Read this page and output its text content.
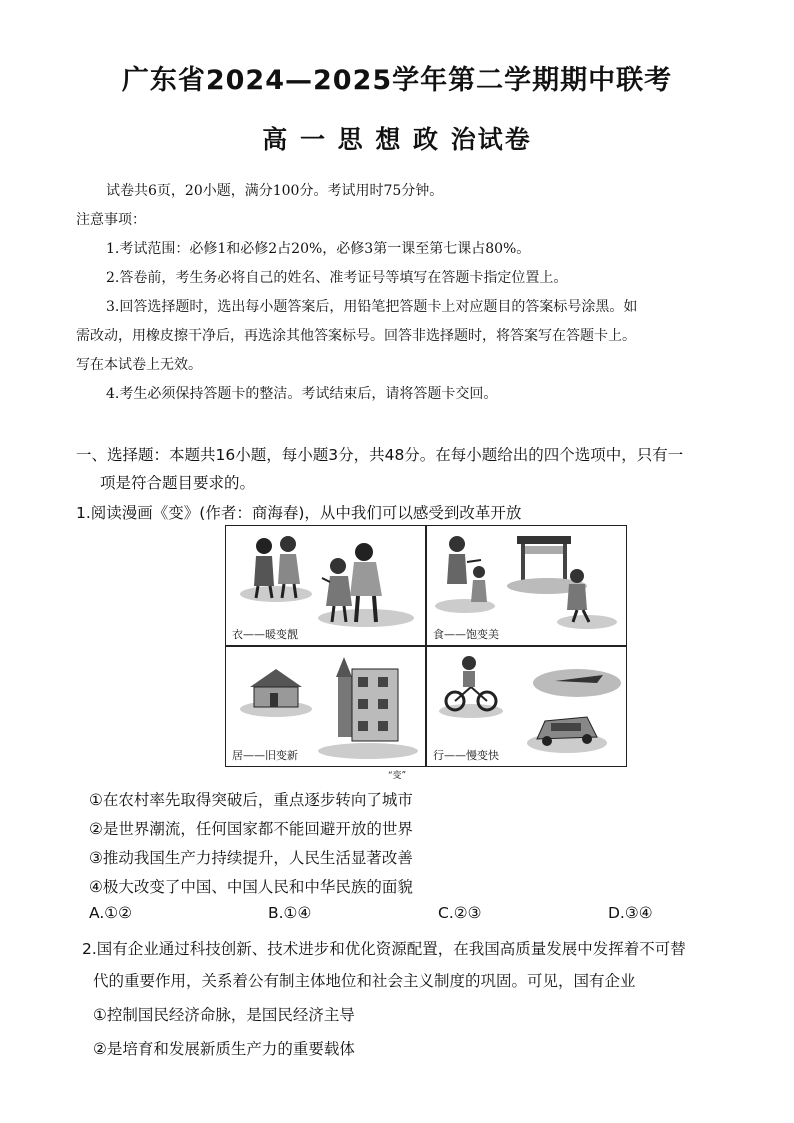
广东省2024—2025学年第二学期期中联考
高 一 思 想 政 治试卷
试卷共6页，20小题，满分100分。考试用时75分钟。
注意事项：
1.考试范围：必修1和必修2占20%，必修3第一课至第七课占80%。
2.答卷前，考生务必将自己的姓名、准考证号等填写在答题卡指定位置上。
3.回答选择题时，选出每小题答案后，用铅笔把答题卡上对应题目的答案标号涂黑。如
需改动，用橡皮擦干净后，再选涂其他答案标号。回答非选择题时，将答案写在答题卡上。
写在本试卷上无效。
4.考生必须保持答题卡的整洁。考试结束后，请将答题卡交回。
一、选择题：本题共16小题，每小题3分，共48分。在每小题给出的四个选项中，只有一
项是符合题目要求的。
1.阅读漫画《变》(作者：商海春)，从中我们可以感受到改革开放
衣——暖变靓	食——饱变美
居——旧变新	行——慢变快
“变”
①在农村率先取得突破后，重点逐步转向了城市
②是世界潮流，任何国家都不能回避开放的世界
③推动我国生产力持续提升，人民生活显著改善
④极大改变了中国、中国人民和中华民族的面貌
A.①②	B.①④	C.②③	D.③④
2.国有企业通过科技创新、技术进步和优化资源配置，在我国高质量发展中发挥着不可替
代的重要作用，关系着公有制主体地位和社会主义制度的巩固。可见，国有企业
①控制国民经济命脉，是国民经济主导
②是培育和发展新质生产力的重要载体
